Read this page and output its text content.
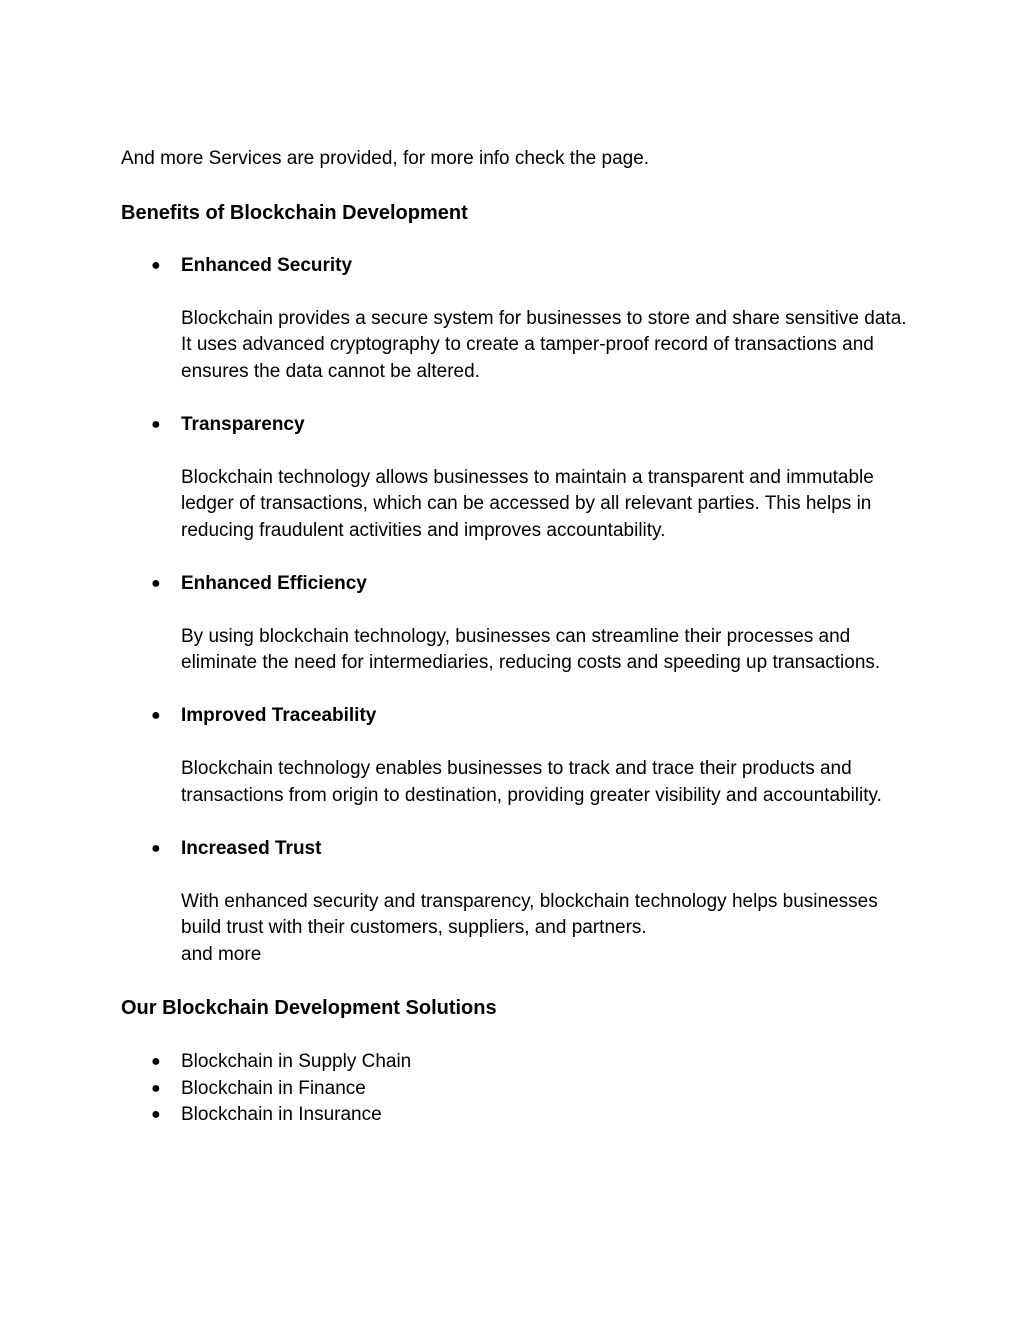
And more Services are provided, for more info check the page.

Benefits of Blockchain Development
● Enhanced Security

Blockchain provides a secure system for businesses to store and share sensitive data. It uses advanced cryptography to create a tamper-proof record of transactions and ensures the data cannot be altered.

● Transparency

Blockchain technology allows businesses to maintain a transparent and immutable ledger of transactions, which can be accessed by all relevant parties. This helps in reducing fraudulent activities and improves accountability.

● Enhanced Efficiency

By using blockchain technology, businesses can streamline their processes and eliminate the need for intermediaries, reducing costs and speeding up transactions.

● Improved Traceability

Blockchain technology enables businesses to track and trace their products and transactions from origin to destination, providing greater visibility and accountability.

● Increased Trust

With enhanced security and transparency, blockchain technology helps businesses build trust with their customers, suppliers, and partners.

and more

Our Blockchain Development Solutions
● Blockchain in Supply Chain
● Blockchain in Finance
● Blockchain in Insurance
